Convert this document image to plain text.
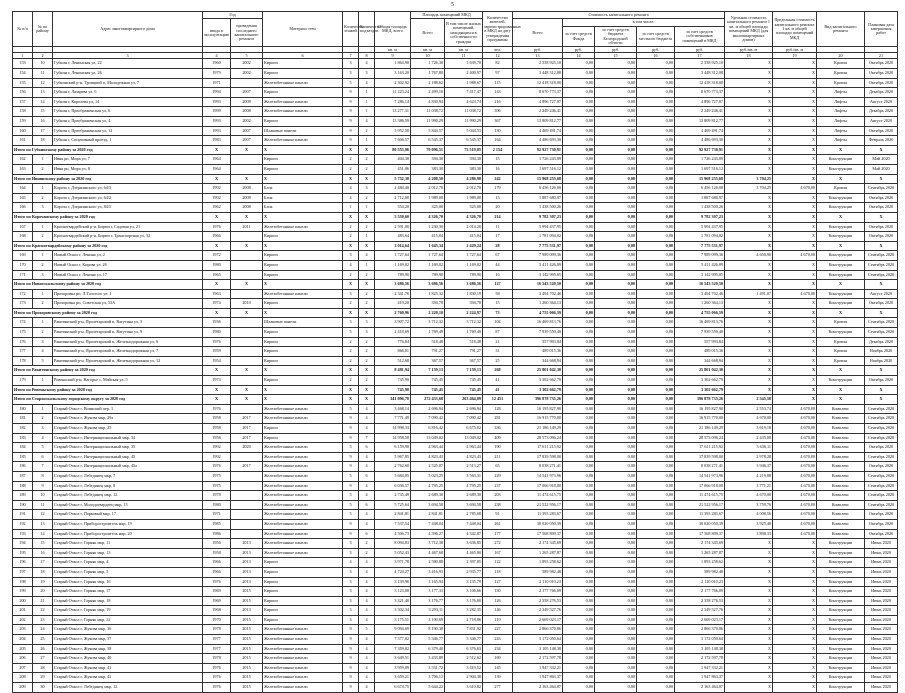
5
№ п/п	№ по району	Адрес многоквартирного дома	Год		Материал стен	Количество этажей	Количество подъездов	Общая площадь МКД, всего	Площадь помещений МКД		Количество жителей, зарегистрированных в МКД на дату утверждения программы	Стоимость капитального ремонта					Удельная стоимость капитального ремонта 1 кв. м общей площади помещений МКД (для многоквартирных домов)	Предельная стоимость капитального ремонта 1 кв. м общей площади помещений МКД	Вид капитального ремонта	Плановая дата завершения работ
			ввода в эксплуатацию	проведения последнего капитального ремонта					Всего	В том числе жилых помещений, находящихся в собственности граждан		Всего	в том числе:							
													за счет средств Фонда	за счет средств бюджета Белгородской области	за счет средств местного бюджета	за счет средств собственников помещений в МКД				
								кв. м	кв. м	кв. м	чел.	руб.	руб.	руб.	руб.	руб.	руб./кв. м	руб./кв. м		
1	2	3	4	5	6	7	8	9	10	11	12	13	14	15	16	17	18	19	20	21
153	10	Губкин г, Ленинская ул, 22	1960	2002	Кирпич	3	4	1 864,90	1 726,30	1 639,70	82	2 558 925,10	0,00	0,00	0,00	2 558 925,10	X	X	Кровля	Октябрь 2020
154	11	Губкин г, Ленинская ул, 26	1979	2002	Кирпич	3	3	3 163,20	1 767,80	2 400,97	97	3 448 312,08	0,00	0,00	0,00	3 448 312,08	X	X	Кровля	Октябрь 2020
155	12	Губкинский р-н, Троицкий п, Молодежная ул, 7	1971		Железобетонные панели	5	4	2 302,92	2 188,62	1 988,67	115	12 418 318,00	0,00	0,00	0,00	12 418 318,00	X	X	Кровля	Октябрь 2020
156	13	Губкин г, Лазарева ул, 6	1994	2007	Кирпич	9	1	11 223,24	2 499,10	7 417,47	143	8 670 773,37	0,00	0,00	0,00	8 670 773,37	X	X	Лифты	Декабрь 2020
157	14	Губкин г, Королева ул, 14	1993	2008	Железобетонные панели	9	1	7 286,14	4 830,94	4 623,74	216	4 896 727,07	0,00	0,00	0,00	4 896 727,07	X	X	Лифты	Август 2020
158	15	Губкин г, Преображенская ул, 6	1999	2008	Железобетонные панели	9	1	13 277,31	11 038,72	11 038,72	396	2 249 246,41	0,00	0,00	0,00	2 249 246,41	X	X	Лифты	Декабрь 2020
159	16	Губкин г, Преображенская ул, 4	1993	2002	Кирпич	9	4	13 386,59	11 990,29	11 990,29	367	13 809 812,77	0,00	0,00	0,00	13 809 812,77	X	X	Лифты	Август 2020
160	17	Губкин г, Преображенская ул, 12	1993	2007	Шлаковые панели	9	2	5 952,58	5 844,57	5 044,53	130	4 469 491,74	0,00	0,00	0,00	4 469 491,74	X	X	Лифты	Октябрь 2020
161	18	Губкин г, Спортивный проезд, 1	1983	2007	Железобетонные панели	9	1	7 606,57	6 545,37	6 545,37	164	4 486 693,30	0,00	0,00	0,00	4 486 693,30	X	X	Лифты	Февраль 2020
Итого по Губкинскому району за 2020 год			X	X	X	X	X	80 555,96	79 096,51	73 519,05	2 154	92 927 730,91	0,00	0,00	0,00	92 927 730,91	X	X	X	X
162	1	Ивня рп, Мира ул, 7	1964		Кирпич	2	2	404,30	394,30	394,30	15	1 726 243,09	0,00	0,00	0,00	1 726 243,09	X	X	Конструкции	Май 2020
163	2	Ивня рп, Мира ул, 8	1964		Кирпич	2	2	451,06	383,30	383,30	16	1 697 516,12	0,00	0,00	0,00	1 697 516,12	X	X	Конструкции	Май 2020
Итого по Ивнянскому району за 2020 год			X	X	X	X	X	5 752,30	4 208,50	4 286,90	242	15 968 255,68	0,00	0,00	0,00	15 968 255,68	3 704,25	X	X	X
164	1	Короча г, Дзержинского ул, 64/3	1992	2008	Блок	4	3	2 484,40	2 012,70	2 012,70	179	6 456 126,00	0,00	0,00	0,00	6 456 126,00	3 704,25	4 670,00	Кровля	Сентябрь 2020
165	2	Короча г, Дзержинского ул, 64/2	1992	2008	Блок	4	2	2 712,00	1 989,00	1 989,00	15	1 887 680,97	0,00	0,00	0,00	1 887 680,97	X	X	Конструкции	Октябрь 2020
166	3	Короча г, Дзержинского ул, 84/3	1962	2008	Блок	1	1	354,20	325,00	325,00	20	1 438 500,26	0,00	0,00	0,00	1 438 500,26	X	X	Конструкции	Октябрь 2020
Итого по Корочанскому району за 2020 год			X	X	X	X	X	5 550,60	4 326,70	4 326,70	214	9 782 307,23	0,00	0,00	0,00	9 782 307,23	X	X	X	X
167	1	Красногвардейский р-н, Бирюч г, Садовая ул, 21	1976	2011	Железобетонные панели	2	2	2 591,00	1 230,30	2 014,20	11	5 994 437,95	0,00	0,00	0,00	5 994 437,95	X	X	Конструкции	Октябрь 2020
168	2	Красногвардейский р-н, Бирюч г, Транспортная ул, 32	1966		Кирпич	2	1	483,64	415,04	415,04	17	1 781 094,02	0,00	0,00	0,00	1 781 094,02	X	X	Конструкции	Октябрь 2020
Итого по Красногвардейскому району за 2020 год			X	X	X	X	X	3 014,64	1 645,34	2 429,24	28	7 775 531,97	0,00	0,00	0,00	7 775 531,97	X	X	X	X
169	1	Новый Оскол г, Ленина ул, 2	1972		Кирпич	3	4	1 727,64	1 727,64	1 727,64	67	7 989 099,36	0,00	0,00	0,00	7 989 099,36	4 650,90	4 670,00	Конструкции	Сентябрь 2020
170	2	Новый Оскол г, Кирова ул, 26	1980		Кирпич	4	1	1 169,02	1 169,02	1 169,02	44	5 411 426,09	0,00	0,00	0,00	5 411 426,09	X	X	Конструкции	Сентябрь 2020
171	3	Новый Оскол г, Ленина ул, 17	1965		Кирпич	2	2	789,90	789,90	789,90	16	3 142 995,05	0,00	0,00	0,00	3 142 995,05	X	X	Конструкции	Сентябрь 2020
Итого по Новооскольскому району за 2020 год			X	X	X	X	X	3 686,56	3 686,56	3 686,56	127	16 543 520,50	0,00	0,00	0,00	16 543 520,50	X	X	X	X
172	1	Прохоровка рп, Л.Толстого ул, 1	1963		Железобетонные панели	3	2	2 341,76	1 825,32	1 830,19	58	3 494 702,46	0,00	0,00	0,00	3 494 702,46	1 491,07	4 670,00	Конструкции	Август 2020
173	2	Прохоровка рп, Советская ул, 53А	1974	2010	Кирпич	2	2	419,20	394,78	394,78	15	1 260 364,13	0,00	0,00	0,00	1 260 364,13	X	X	Конструкции	Октябрь 2020
Итого по Прохоровскому району за 2020 год			X	X	X	X	X	2 760,96	2 220,10	2 224,97	73	4 755 066,59	0,00	0,00	0,00	4 755 066,59	X	X	X	X
174	1	Ракитянский р-н, Пролетарский п, Ватутина ул, 5	1936		Шлаковые панели	3	3	3 907,72	3 712,32	3 712,32	104	16 469 813,76	0,00	0,00	0,00	16 469 813,76	X	X	Кровля	Сентябрь 2020
175	2	Ракитянский р-н, Пролетарский п, Ватутина ул, 9	1980		Кирпич	5	3	2 418,69	1 769,49	1 769,49	87	7 939 550,40	0,00	0,00	0,00	7 939 550,40	X	X	Конструкции	Сентябрь 2020
176	3	Ракитянский р-н, Пролетарский п, Железнодорожная ул, 6	1976		Кирпич	2	2	776,84	518,48	518,48	21	557 993,84	0,00	0,00	0,00	557 993,84	X	X	Кровля	Декабрь 2020
177	4	Ракитянский р-н, Пролетарский п, Железнодорожная ул, 7	1959		Кирпич	2	2	866,01	791,27	791,27	31	489 015,36	0,00	0,00	0,00	489 015,36	X	X	Кровля	Ноябрь 2020
178	5	Ракитянский р-н, Пролетарский п, Железнодорожная ул, 12	1954		Кирпич	2	2	512,68	367,57	367,57	25	344 668,94	0,00	0,00	0,00	344 668,94	X	X	Кровля	Ноябрь 2020
Итого по Ракитянскому району за 2020 год			X	X	X	X	X	8 481,94	7 159,13	7 159,13	268	25 801 042,30	0,00	0,00	0,00	25 801 042,30	X	X	X	X
179	1	Ровеньский р-н, Нагорье с, Майская ул, 5	1974		Кирпич	2	2	745,90	745,45	745,45	41	3 302 662,79	0,00	0,00	0,00	3 302 662,79	X	X	Конструкции	Октябрь 2020
Итого по Ровеньскому району за 2020 год			X	X	X	X	X	745,90	745,45	745,45	41	3 302 662,79	0,00	0,00	0,00	3 302 662,79	X	X	X	X
Итого по Старооскольскому городскому округу за 2020 год			X	X	X	X	X	341 096,78	272 453,68	263 464,09	12 451	396 878 735,26	0,00	0,00	0,00	396 878 735,26	2 545,58	X	X	X
180	1	Старый Оскол г, Воинский пер, 1	1976		Железобетонные панели	5	4	3 468,14	2 696,94	2 696,94	128	16 195 827,90	0,00	0,00	0,00	16 195 827,90	2 553,74	4 670,00	Комплекс	Сентябрь 2020
181	2	Старый Оскол г, Жукова мкр, 29а	1958	2017	Железобетонные панели	9	4	7 771,49	7 090,42	7 090,42	281	16 915 770,00	0,00	0,00	0,00	16 915 770,00	4 670,00	4 670,00	Комплекс	Сентябрь 2020
182	3	Старый Оскол г, Жукова мкр, 25	1958	2017	Кирпич	9	4	14 998,33	6 816,42	6 675,02	336	21 186 149,29	0,00	0,00	0,00	21 186 149,29	3 619,18	4 670,00	Комплекс	Сентябрь 2020
183	4	Старый Оскол г, Интернациональный мкр, 34	1958	2017	Кирпич	9	7	14 958,58	13 049,02	13 049,02	409	28 573 096,24	0,00	0,00	0,00	28 573 096,24	2 435,00	4 670,00	Комплекс	Сентябрь 2020
184	5	Старый Оскол г, Интернациональный мкр, 35	1992	2020	Железобетонные панели	5	6	6 159,90	4 963,44	4 963,44	190	17 611 215,92	0,00	0,00	0,00	17 611 215,92	3 636,11	4 670,00	Комплекс	Октябрь 2020
185	6	Старый Оскол г, Интернациональный мкр, 45	1992		Железобетонные панели	9	4	5 967,85	4 823,43	4 823,43	211	17 839 598,00	0,00	0,00	0,00	17 839 598,00	2 978,28	4 670,00	Комплекс	Сентябрь 2020
186	7	Старый Оскол г, Интернациональный мкр, 45а	1976	2017	Железобетонные панели	9	4	2 762,60	2 525,07	2 513,27	65	8 038 271,41	0,00	0,00	0,00	8 038 271,41	3 946,37	4 670,00	Комплекс	Октябрь 2020
187	8	Старый Оскол г, Лебединец мкр, 7	1975		Железобетонные панели	5	6	5 684,05	5 023,25	3 563,31	229	14 541 973,96	0,00	0,00	0,00	14 541 973,96	4 219,88	4 670,00	Комплекс	Сентябрь 2020
188	9	Старый Оскол г, Лебединец мкр, 8	1975		Железобетонные панели	9	4	6 036,57	4 795,25	4 795,25	237	17 066 918,00	0,00	0,00	0,00	17 066 918,00	3 771,21	4 670,00	Комплекс	Сентябрь 2020
189	10	Старый Оскол г, Лебединец мкр, 12	1978		Железобетонные панели	5	4	2 735,49	2 689,30	2 689,30	203	11 474 615,75	0,00	0,00	0,00	11 474 615,75	4 670,00	4 670,00	Комплекс	Сентябрь 2020
190	11	Старый Оскол г, Молодогвардеец мкр, 13	1980		Железобетонные панели	5	6	5 725,64	3 694,58	3 694,58	238	21 522 956,17	0,00	0,00	0,00	21 522 956,17	3 759,76	4 670,00	Комплекс	Сентябрь 2020
191	12	Старый Оскол г, Парковый мкр, 17	1971		Железобетонные панели	5	4	2 841,81	2 841,81	2 785,68	91	11 393 283,67	0,00	0,00	0,00	11 393 283,67	4 008,56	4 670,00	Комплекс	Октябрь 2020
192	13	Старый Оскол г, Приборостроитель мкр, 19	1985		Железобетонные панели	9	4	7 537,54	7 448,04	7 448,04	261	30 020 050,39	0,00	0,00	0,00	30 020 050,39	3 925,48	4 670,00	Комплекс	Октябрь 2020
193	14	Старый Оскол г, Приборостроитель мкр, 20	1986		Железобетонные панели	9	6	4 506,73	4 596,27	4 342,87	177	17 568 809,37	0,00	0,00	0,00	17 568 809,37	3 898,33	4 670,00	Комплекс	Октябрь 2020
194	15	Старый Оскол г, Горняк мкр, 11	1956	2013	Железобетонные панели	3	2	8 094,83	3 712,38	3 636,85	272	2 174 345,69	0,00	0,00	0,00	2 174 345,69	X	X	Конструкции	Июнь 2020
195	16	Старый Оскол г, Горняк мкр, 13	1958	2013	Железобетонные панели	3	2	5 052,43	4 467,68	4 465,00	167	1 265 287,87	0,00	0,00	0,00	1 265 287,87	X	X	Конструкции	Июнь 2020
196	17	Старый Оскол г, Горняк мкр, 4	1966	2013	Кирпич	4	4	3 971,78	2 580,88	2 397,05	122	1 893 258,62	0,00	0,00	0,00	1 893 258,62	X	X	Конструкции	Июнь 2020
197	18	Старый Оскол г, Горняк мкр, 5	1966	2013	Кирпич	3	4	4 724,27	3 416,93	2 935,77	118	589 982,48	0,00	0,00	0,00	589 982,48	X	X	Конструкции	Июнь 2020
198	19	Старый Оскол г, Горняк мкр, 16	1976	2013	Кирпич	3	4	3 139,96	3 165,94	3 135,79	127	2 110 010,23	0,00	0,00	0,00	2 110 010,23	X	X	Конструкции	Июнь 2020
199	20	Старый Оскол г, Горняк мкр, 17	1969	2015	Кирпич	3	4	3 123,00	3 177,33	3 106,66	130	2 177 766,09	0,00	0,00	0,00	2 177 766,09	X	X	Конструкции	Июнь 2020
200	21	Старый Оскол г, Горняк мкр, 18	1969	2015	Кирпич	3	4	3 321,40	3 176,77	3 176,00	126	2 358 276,53	0,00	0,00	0,00	2 358 276,53	X	X	Конструкции	Июнь 2020
201	22	Старый Оскол г, Горняк мкр, 19	1968	2013	Кирпич	3	4	3 302,34	3 203,11	3 282,35	146	2 349 527,76	0,00	0,00	0,00	2 349 527,76	X	X	Конструкции	Июнь 2020
202	23	Старый Оскол г, Горняк мкр, 22	1970	2015	Кирпич	3	4	3 175,51	3 100,69	2 718,86	119	2 669 023,17	0,00	0,00	0,00	2 669 023,17	X	X	Конструкции	Июнь 2020
203	24	Старый Оскол г, Жукова мкр, 36	1978	2015	Железобетонные панели	9	5	9 094,69	8 190,38	7 831,92	227	2 866 370,86	0,00	0,00	0,00	2 866 370,86	X	X	Конструкции	Июнь 2020
204	25	Старый Оскол г, Жукова мкр, 37	1977	2015	Железобетонные панели	9	4	7 377,82	5 346,77	5 346,77	243	3 172 050,64	0,00	0,00	0,00	3 172 050,64	X	X	Конструкции	Июнь 2020
205	26	Старый Оскол г, Жукова мкр, 38	1977	2015	Железобетонные панели	9	4	7 359,02	6 379,40	6 376,63	234	3 105 148,38	0,00	0,00	0,00	3 105 148,38	X	X	Конструкции	Июнь 2020
206	27	Старый Оскол г, Жукова мкр, 40	1978	2015	Железобетонные панели	9	4	3 649,51	3 433,89	2 512,62	169	2 172 597,78	0,00	0,00	0,00	2 172 597,78	X	X	Конструкции	Июнь 2020
207	28	Старый Оскол г, Жукова мкр, 41	1976	2015	Железобетонные панели	9	4	3 959,09	3 531,72	3 419,52	145	1 947 332,21	0,00	0,00	0,00	1 947 332,21	X	X	Конструкции	Июнь 2020
208	29	Старый Оскол г, Жукова мкр, 42	1976	2015	Железобетонные панели	9	4	3 659,21	3 706,13	2 904,38	139	1 947 863,37	0,00	0,00	0,00	1 947 863,37	X	X	Конструкции	Июнь 2020
209	30	Старый Оскол г, Лебединец мкр, 12	1976	2015	Железобетонные панели	9	4	6 674,75	5 644,22	3 610,82	277	2 163 464,07	0,00	0,00	0,00	2 163 464,07	X	X	Конструкции	Июнь 2020
